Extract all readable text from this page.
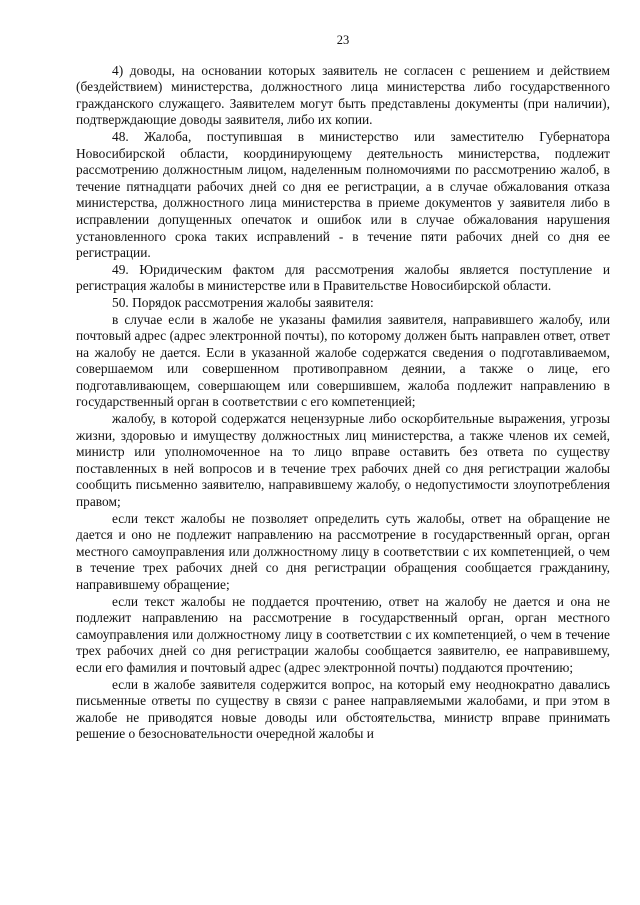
23

4) доводы, на основании которых заявитель не согласен с решением и действием (бездействием) министерства, должностного лица министерства либо государственного гражданского служащего. Заявителем могут быть представлены документы (при наличии), подтверждающие доводы заявителя, либо их копии.

48. Жалоба, поступившая в министерство или заместителю Губернатора Новосибирской области, координирующему деятельность министерства, подлежит рассмотрению должностным лицом, наделенным полномочиями по рассмотрению жалоб, в течение пятнадцати рабочих дней со дня ее регистрации, а в случае обжалования отказа министерства, должностного лица министерства в приеме документов у заявителя либо в исправлении допущенных опечаток и ошибок или в случае обжалования нарушения установленного срока таких исправлений - в течение пяти рабочих дней со дня ее регистрации.

49. Юридическим фактом для рассмотрения жалобы является поступление и регистрация жалобы в министерстве или в Правительстве Новосибирской области.

50. Порядок рассмотрения жалобы заявителя:

в случае если в жалобе не указаны фамилия заявителя, направившего жалобу, или почтовый адрес (адрес электронной почты), по которому должен быть направлен ответ, ответ на жалобу не дается. Если в указанной жалобе содержатся сведения о подготавливаемом, совершаемом или совершенном противоправном деянии, а также о лице, его подготавливающем, совершающем или совершившем, жалоба подлежит направлению в государственный орган в соответствии с его компетенцией;

жалобу, в которой содержатся нецензурные либо оскорбительные выражения, угрозы жизни, здоровью и имуществу должностных лиц министерства, а также членов их семей, министр или уполномоченное на то лицо вправе оставить без ответа по существу поставленных в ней вопросов и в течение трех рабочих дней со дня регистрации жалобы сообщить письменно заявителю, направившему жалобу, о недопустимости злоупотребления правом;

если текст жалобы не позволяет определить суть жалобы, ответ на обращение не дается и оно не подлежит направлению на рассмотрение в государственный орган, орган местного самоуправления или должностному лицу в соответствии с их компетенцией, о чем в течение трех рабочих дней со дня регистрации обращения сообщается гражданину, направившему обращение;

если текст жалобы не поддается прочтению, ответ на жалобу не дается и она не подлежит направлению на рассмотрение в государственный орган, орган местного самоуправления или должностному лицу в соответствии с их компетенцией, о чем в течение трех рабочих дней со дня регистрации жалобы сообщается заявителю, ее направившему, если его фамилия и почтовый адрес (адрес электронной почты) поддаются прочтению;

если в жалобе заявителя содержится вопрос, на который ему неоднократно давались письменные ответы по существу в связи с ранее направляемыми жалобами, и при этом в жалобе не приводятся новые доводы или обстоятельства, министр вправе принимать решение о безосновательности очередной жалобы и
